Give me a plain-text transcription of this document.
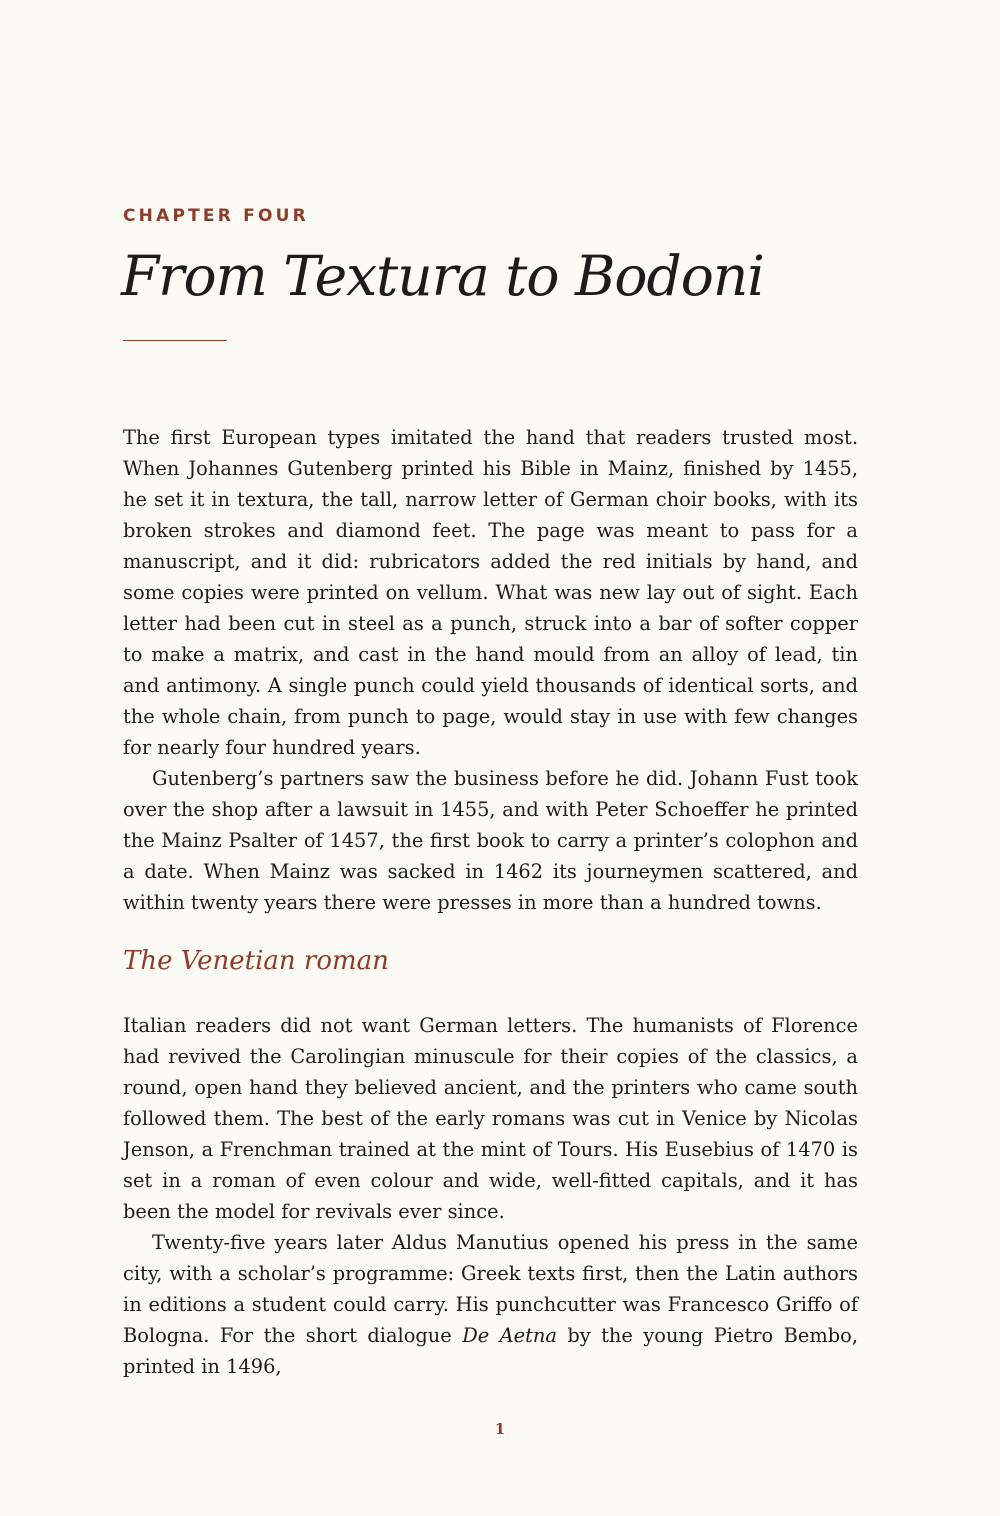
CHAPTER FOUR
From Textura to Bodoni

The first European types imitated the hand that readers trusted most. When Johannes Gutenberg printed his Bible in Mainz, finished by 1455, he set it in textura, the tall, narrow letter of German choir books, with its broken strokes and diamond feet. The page was meant to pass for a manuscript, and it did: rubricators added the red initials by hand, and some copies were printed on vellum. What was new lay out of sight. Each letter had been cut in steel as a punch, struck into a bar of softer copper to make a matrix, and cast in the hand mould from an alloy of lead, tin and antimony. A single punch could yield thousands of identical sorts, and the whole chain, from punch to page, would stay in use with few changes for nearly four hundred years.

Gutenberg’s partners saw the business before he did. Johann Fust took over the shop after a lawsuit in 1455, and with Peter Schoeffer he printed the Mainz Psalter of 1457, the first book to carry a printer’s colophon and a date. When Mainz was sacked in 1462 its journeymen scattered, and within twenty years there were presses in more than a hundred towns.

The Venetian roman

Italian readers did not want German letters. The humanists of Florence had revived the Carolingian minuscule for their copies of the classics, a round, open hand they believed ancient, and the printers who came south followed them. The best of the early romans was cut in Venice by Nicolas Jenson, a Frenchman trained at the mint of Tours. His Eusebius of 1470 is set in a roman of even colour and wide, well-fitted capitals, and it has been the model for revivals ever since.

Twenty-five years later Aldus Manutius opened his press in the same city, with a scholar’s programme: Greek texts first, then the Latin authors in editions a student could carry. His punchcutter was Francesco Griffo of Bologna. For the short dialogue De Aetna by the young Pietro Bembo, printed in 1496,

1
